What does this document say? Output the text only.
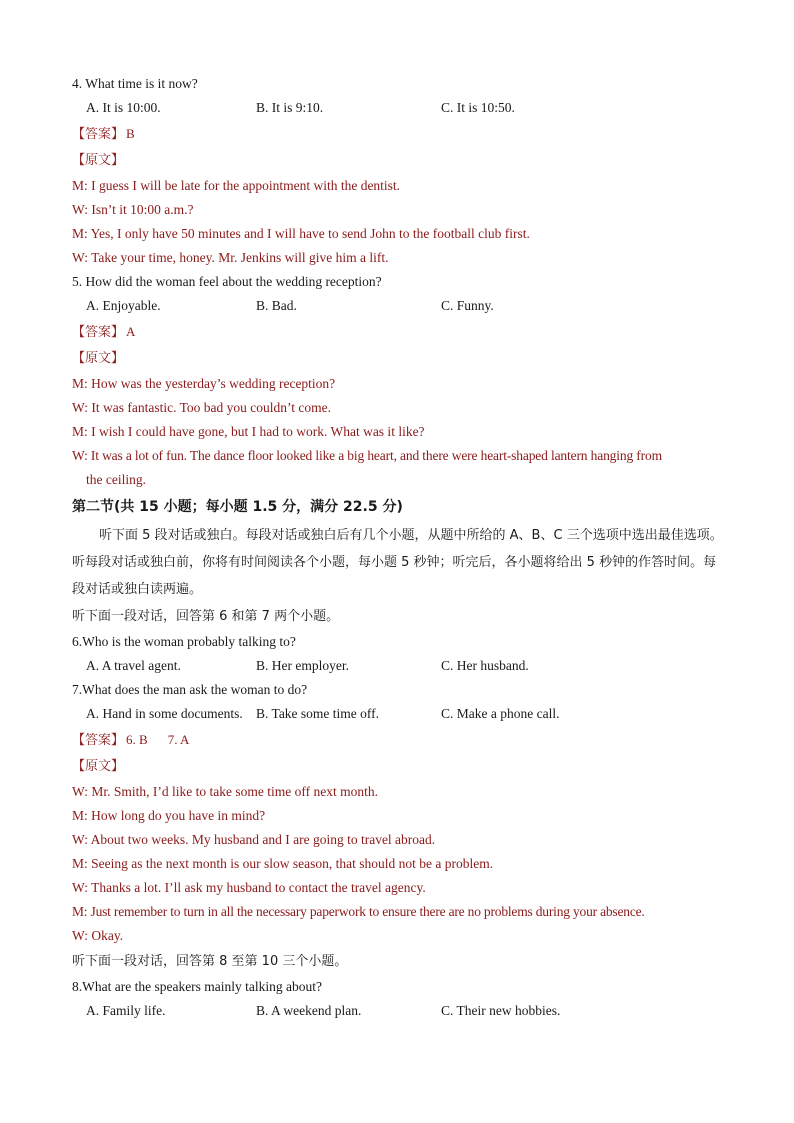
4. What time is it now?
A. It is 10:00.	B. It is 9:10.	C. It is 10:50.
【答案】 B
【原文】
M: I guess I will be late for the appointment with the dentist.
W: Isn’t it 10:00 a.m.?
M: Yes, I only have 50 minutes and I will have to send John to the football club first.
W: Take your time, honey. Mr. Jenkins will give him a lift.
5. How did the woman feel about the wedding reception?
A. Enjoyable.	B. Bad.	C. Funny.
【答案】 A
【原文】
M: How was the yesterday’s wedding reception?
W: It was fantastic. Too bad you couldn’t come.
M: I wish I could have gone, but I had to work. What was it like?
W: It was a lot of fun. The dance floor looked like a big heart, and there were heart-shaped lantern hanging from
the ceiling.
第二节(共 15 小题；每小题 1.5 分，满分 22.5 分)
听下面 5 段对话或独白。每段对话或独白后有几个小题，从题中所给的 A、B、C 三个选项中选出最佳选项。听每段对话或独白前，你将有时间阅读各个小题，每小题 5 秒钟；听完后，各小题将给出 5 秒钟的作答时间。每段对话或独白读两遍。
听下面一段对话，回答第 6 和第 7 两个小题。
6.Who is the woman probably talking to?
A. A travel agent.	B. Her employer.	C. Her husband.
7.What does the man ask the woman to do?
A. Hand in some documents. B. Take some time off.	C. Make a phone call.
【答案】 6. B 7. A
【原文】
W: Mr. Smith, I’d like to take some time off next month.
M: How long do you have in mind?
W: About two weeks. My husband and I are going to travel abroad.
M: Seeing as the next month is our slow season, that should not be a problem.
W: Thanks a lot. I’ll ask my husband to contact the travel agency.
M: Just remember to turn in all the necessary paperwork to ensure there are no problems during your absence.
W: Okay.
听下面一段对话，回答第 8 至第 10 三个小题。
8.What are the speakers mainly talking about?
A. Family life.	B. A weekend plan.	C. Their new hobbies.
